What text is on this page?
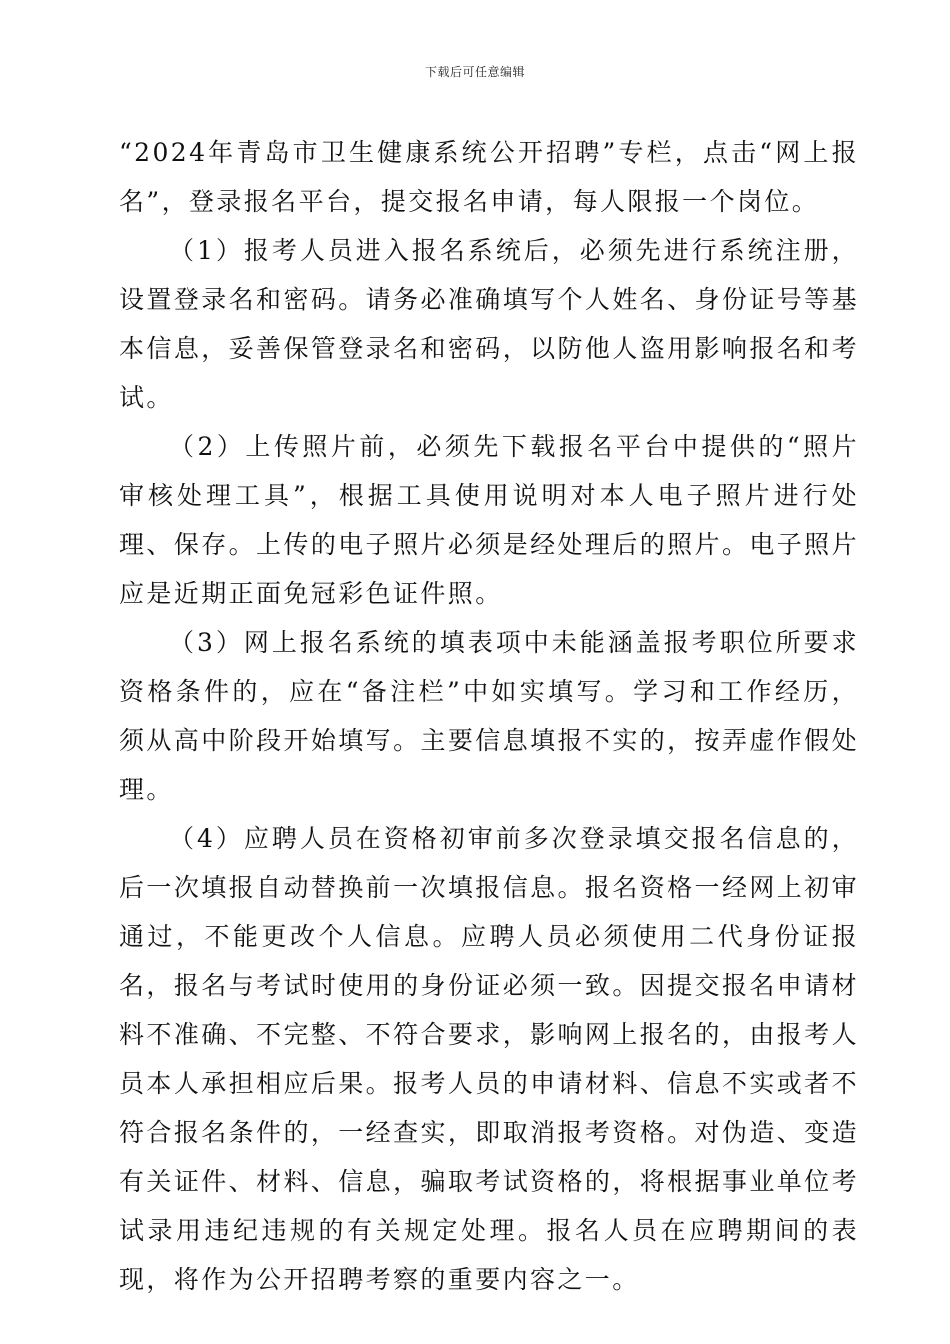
下载后可任意编辑

“2024年青岛市卫生健康系统公开招聘”专栏，点击“网上报名”，登录报名平台，提交报名申请，每人限报一个岗位。

（1）报考人员进入报名系统后，必须先进行系统注册，设置登录名和密码。请务必准确填写个人姓名、身份证号等基本信息，妥善保管登录名和密码，以防他人盗用影响报名和考试。

（2）上传照片前，必须先下载报名平台中提供的“照片审核处理工具”，根据工具使用说明对本人电子照片进行处理、保存。上传的电子照片必须是经处理后的照片。电子照片应是近期正面免冠彩色证件照。

（3）网上报名系统的填表项中未能涵盖报考职位所要求资格条件的，应在“备注栏”中如实填写。学习和工作经历，须从高中阶段开始填写。主要信息填报不实的，按弄虚作假处理。

（4）应聘人员在资格初审前多次登录填交报名信息的，后一次填报自动替换前一次填报信息。报名资格一经网上初审通过，不能更改个人信息。应聘人员必须使用二代身份证报名，报名与考试时使用的身份证必须一致。因提交报名申请材料不准确、不完整、不符合要求，影响网上报名的，由报考人员本人承担相应后果。报考人员的申请材料、信息不实或者不符合报名条件的，一经查实，即取消报考资格。对伪造、变造有关证件、材料、信息，骗取考试资格的，将根据事业单位考试录用违纪违规的有关规定处理。报名人员在应聘期间的表现，将作为公开招聘考察的重要内容之一。
